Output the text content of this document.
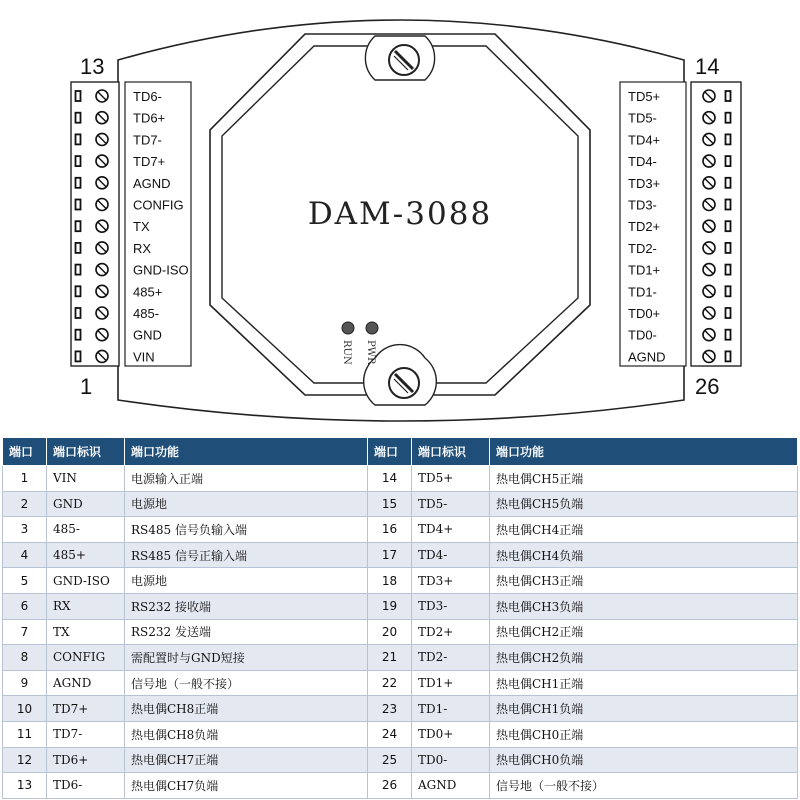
DAM-3088
RUN PWR
TD6-
TD6+
TD7-
TD7+
AGND
CONFIG
TX
RX
GND-ISO
485+
485-
GND
VIN
TD5+
TD5-
TD4+
TD4-
TD3+
TD3-
TD2+
TD2-
TD1+
TD1-
TD0+
TD0-
AGND
13
1
14
26
端口	端口标识	端口功能
1	VIN	电源输入正端
2	GND	电源地
3	485-	RS485 信号负输入端
4	485+	RS485 信号正输入端
5	GND-ISO	电源地
6	RX	RS232 接收端
7	TX	RS232 发送端
8	CONFIG	需配置时与GND短接
9	AGND	信号地（一般不接）
10	TD7+	热电偶CH8正端
11	TD7-	热电偶CH8负端
12	TD6+	热电偶CH7正端
13	TD6-	热电偶CH7负端
端口	端口标识	端口功能
14	TD5+	热电偶CH5正端
15	TD5-	热电偶CH5负端
16	TD4+	热电偶CH4正端
17	TD4-	热电偶CH4负端
18	TD3+	热电偶CH3正端
19	TD3-	热电偶CH3负端
20	TD2+	热电偶CH2正端
21	TD2-	热电偶CH2负端
22	TD1+	热电偶CH1正端
23	TD1-	热电偶CH1负端
24	TD0+	热电偶CH0正端
25	TD0-	热电偶CH0负端
26	AGND	信号地（一般不接）
